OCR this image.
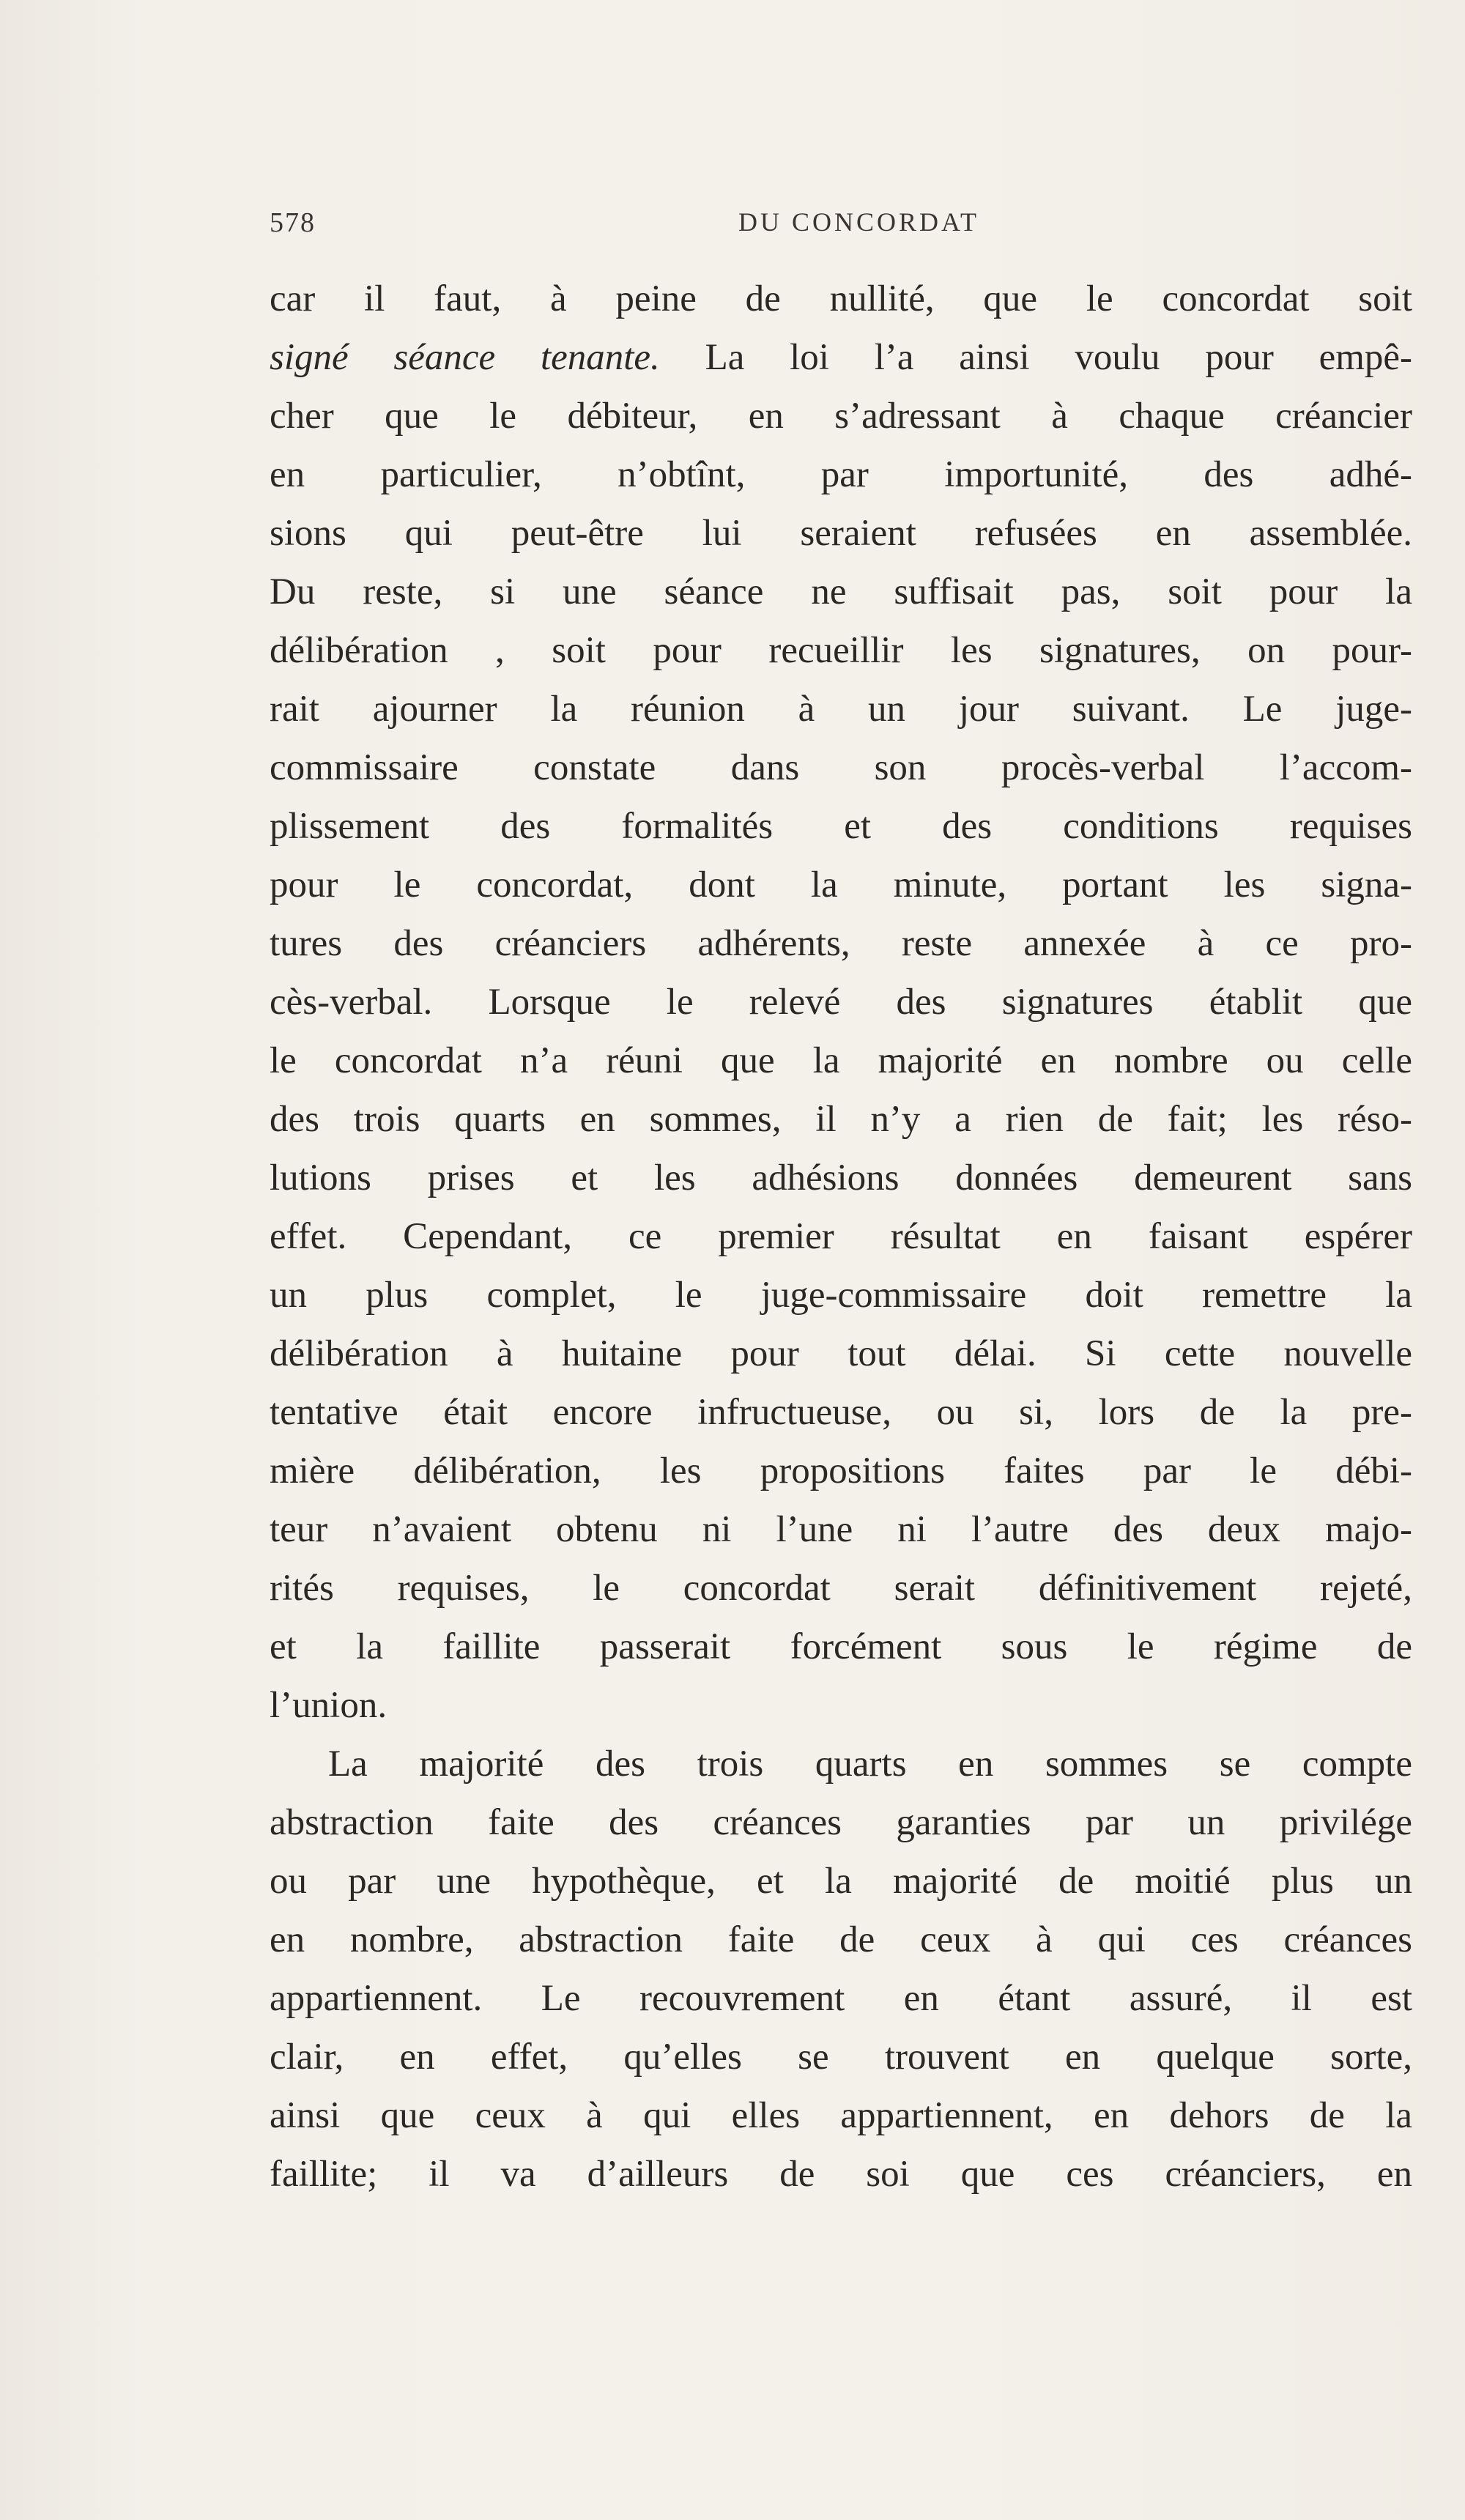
578	DU CONCORDAT
car il faut, à peine de nullité, que le concordat soit
signé séance tenante. La loi l’a ainsi voulu pour empê-
cher que le débiteur, en s’adressant à chaque créancier
en particulier, n’obtînt, par importunité, des adhé-
sions qui peut-être lui seraient refusées en assemblée.
Du reste, si une séance ne suffisait pas, soit pour la
délibération , soit pour recueillir les signatures, on pour-
rait ajourner la réunion à un jour suivant. Le juge-
commissaire constate dans son procès-verbal l’accom-
plissement des formalités et des conditions requises
pour le concordat, dont la minute, portant les signa-
tures des créanciers adhérents, reste annexée à ce pro-
cès-verbal. Lorsque le relevé des signatures établit que
le concordat n’a réuni que la majorité en nombre ou celle
des trois quarts en sommes, il n’y a rien de fait; les réso-
lutions prises et les adhésions données demeurent sans
effet. Cependant, ce premier résultat en faisant espérer
un plus complet, le juge-commissaire doit remettre la
délibération à huitaine pour tout délai. Si cette nouvelle
tentative était encore infructueuse, ou si, lors de la pre-
mière délibération, les propositions faites par le débi-
teur n’avaient obtenu ni l’une ni l’autre des deux majo-
rités requises, le concordat serait définitivement rejeté,
et la faillite passerait forcément sous le régime de
l’union.
La majorité des trois quarts en sommes se compte
abstraction faite des créances garanties par un privilége
ou par une hypothèque, et la majorité de moitié plus un
en nombre, abstraction faite de ceux à qui ces créances
appartiennent. Le recouvrement en étant assuré, il est
clair, en effet, qu’elles se trouvent en quelque sorte,
ainsi que ceux à qui elles appartiennent, en dehors de la
faillite; il va d’ailleurs de soi que ces créanciers, en
